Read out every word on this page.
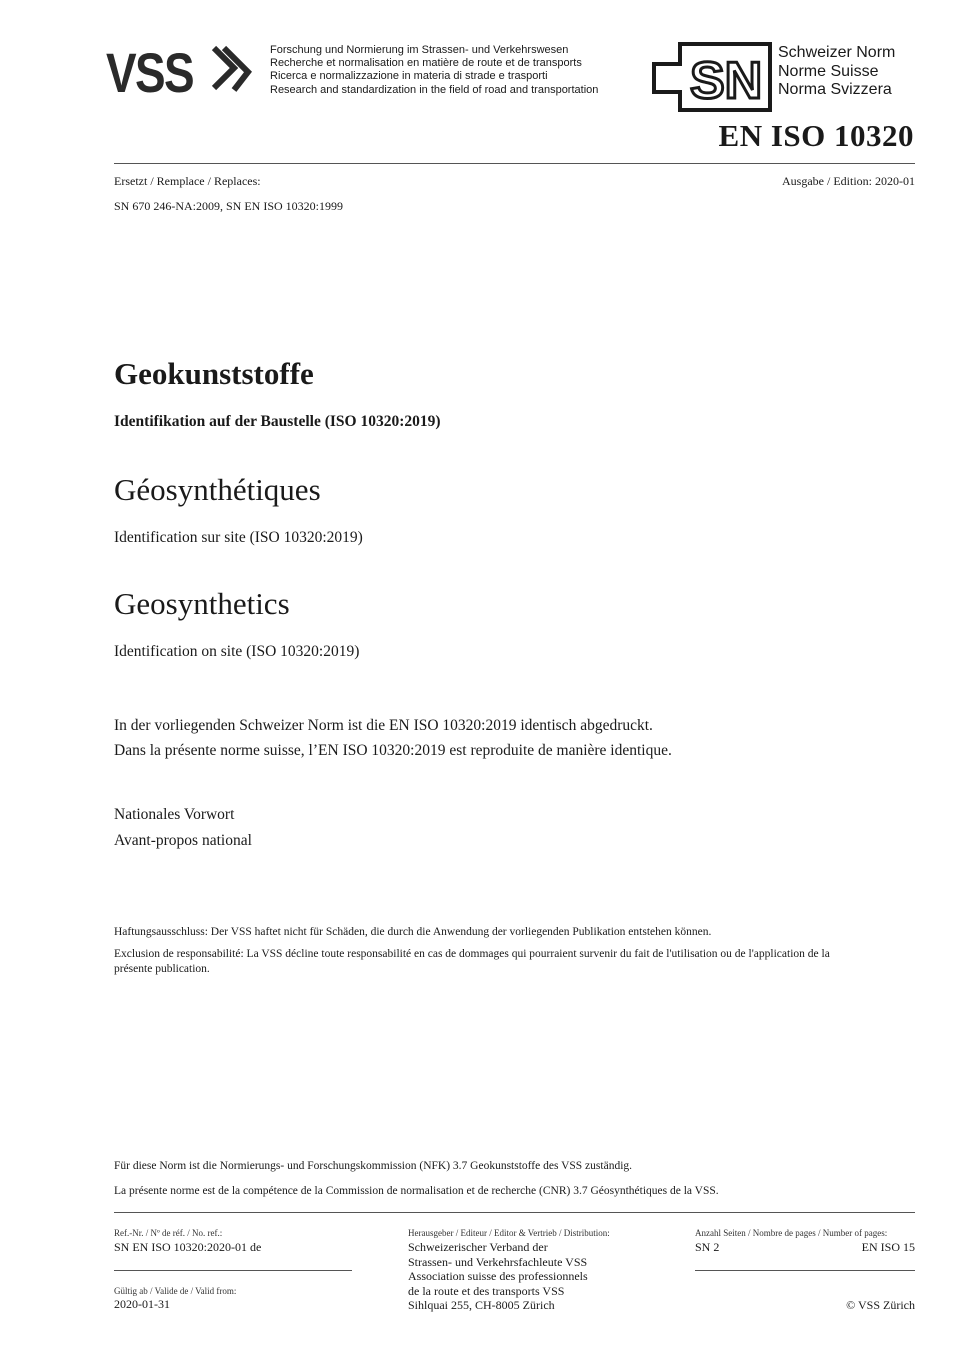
VSS	Forschung und Normierung im Strassen- und Verkehrswesen
Recherche et normalisation en matière de route et de transports
Ricerca e normalizzazione in materia di strade e trasporti
Research and standardization in the field of road and transportation SN Schweizer Norm
Norme Suisse
Norma Svizzera
EN ISO 10320
Ersetzt / Remplace / Replaces:	Ausgabe / Edition: 2020-01
SN 670 246-NA:2009, SN EN ISO 10320:1999
Geokunststoffe
Identifikation auf der Baustelle (ISO 10320:2019)
Géosynthétiques
Identification sur site (ISO 10320:2019)
Geosynthetics
Identification on site (ISO 10320:2019)
In der vorliegenden Schweizer Norm ist die EN ISO 10320:2019 identisch abgedruckt.
Dans la présente norme suisse, l’EN ISO 10320:2019 est reproduite de manière identique.
Nationales Vorwort
Avant-propos national
Haftungsausschluss: Der VSS haftet nicht für Schäden, die durch die Anwendung der vorliegenden Publikation entstehen können.
Exclusion de responsabilité: La VSS décline toute responsabilité en cas de dommages qui pourraient survenir du fait de l'utilisation ou de l'application de la présente publication.
Für diese Norm ist die Normierungs- und Forschungskommission (NFK) 3.7 Geokunststoffe des VSS zuständig.
La présente norme est de la compétence de la Commission de normalisation et de recherche (CNR) 3.7 Géosynthétiques de la VSS.
Ref.-Nr. / Nº de réf. / No. ref.:
SN EN ISO 10320:2020-01 de
Gültig ab / Valide de / Valid from:
2020-01-31
Herausgeber / Editeur / Editor & Vertrieb / Distribution:
Schweizerischer Verband der
Strassen- und Verkehrsfachleute VSS
Association suisse des professionnels
de la route et des transports VSS
Sihlquai 255, CH-8005 Zürich
Anzahl Seiten / Nombre de pages / Number of pages:
SN 2	EN ISO 15
© VSS Zürich
